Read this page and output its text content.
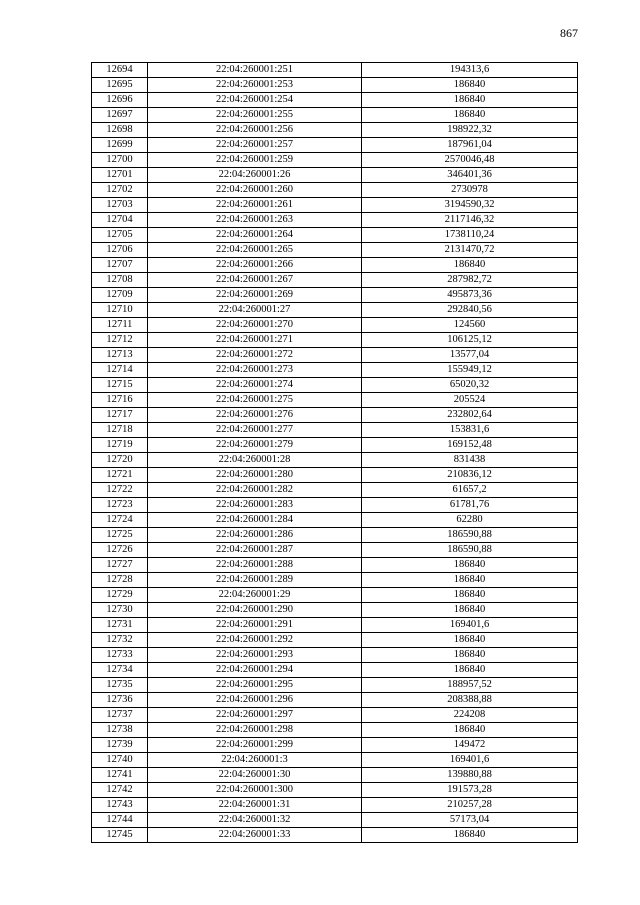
867
12694	22:04:260001:251	194313,6
12695	22:04:260001:253	186840
12696	22:04:260001:254	186840
12697	22:04:260001:255	186840
12698	22:04:260001:256	198922,32
12699	22:04:260001:257	187961,04
12700	22:04:260001:259	2570046,48
12701	22:04:260001:26	346401,36
12702	22:04:260001:260	2730978
12703	22:04:260001:261	3194590,32
12704	22:04:260001:263	2117146,32
12705	22:04:260001:264	1738110,24
12706	22:04:260001:265	2131470,72
12707	22:04:260001:266	186840
12708	22:04:260001:267	287982,72
12709	22:04:260001:269	495873,36
12710	22:04:260001:27	292840,56
12711	22:04:260001:270	124560
12712	22:04:260001:271	106125,12
12713	22:04:260001:272	13577,04
12714	22:04:260001:273	155949,12
12715	22:04:260001:274	65020,32
12716	22:04:260001:275	205524
12717	22:04:260001:276	232802,64
12718	22:04:260001:277	153831,6
12719	22:04:260001:279	169152,48
12720	22:04:260001:28	831438
12721	22:04:260001:280	210836,12
12722	22:04:260001:282	61657,2
12723	22:04:260001:283	61781,76
12724	22:04:260001:284	62280
12725	22:04:260001:286	186590,88
12726	22:04:260001:287	186590,88
12727	22:04:260001:288	186840
12728	22:04:260001:289	186840
12729	22:04:260001:29	186840
12730	22:04:260001:290	186840
12731	22:04:260001:291	169401,6
12732	22:04:260001:292	186840
12733	22:04:260001:293	186840
12734	22:04:260001:294	186840
12735	22:04:260001:295	188957,52
12736	22:04:260001:296	208388,88
12737	22:04:260001:297	224208
12738	22:04:260001:298	186840
12739	22:04:260001:299	149472
12740	22:04:260001:3	169401,6
12741	22:04:260001:30	139880,88
12742	22:04:260001:300	191573,28
12743	22:04:260001:31	210257,28
12744	22:04:260001:32	57173,04
12745	22:04:260001:33	186840
